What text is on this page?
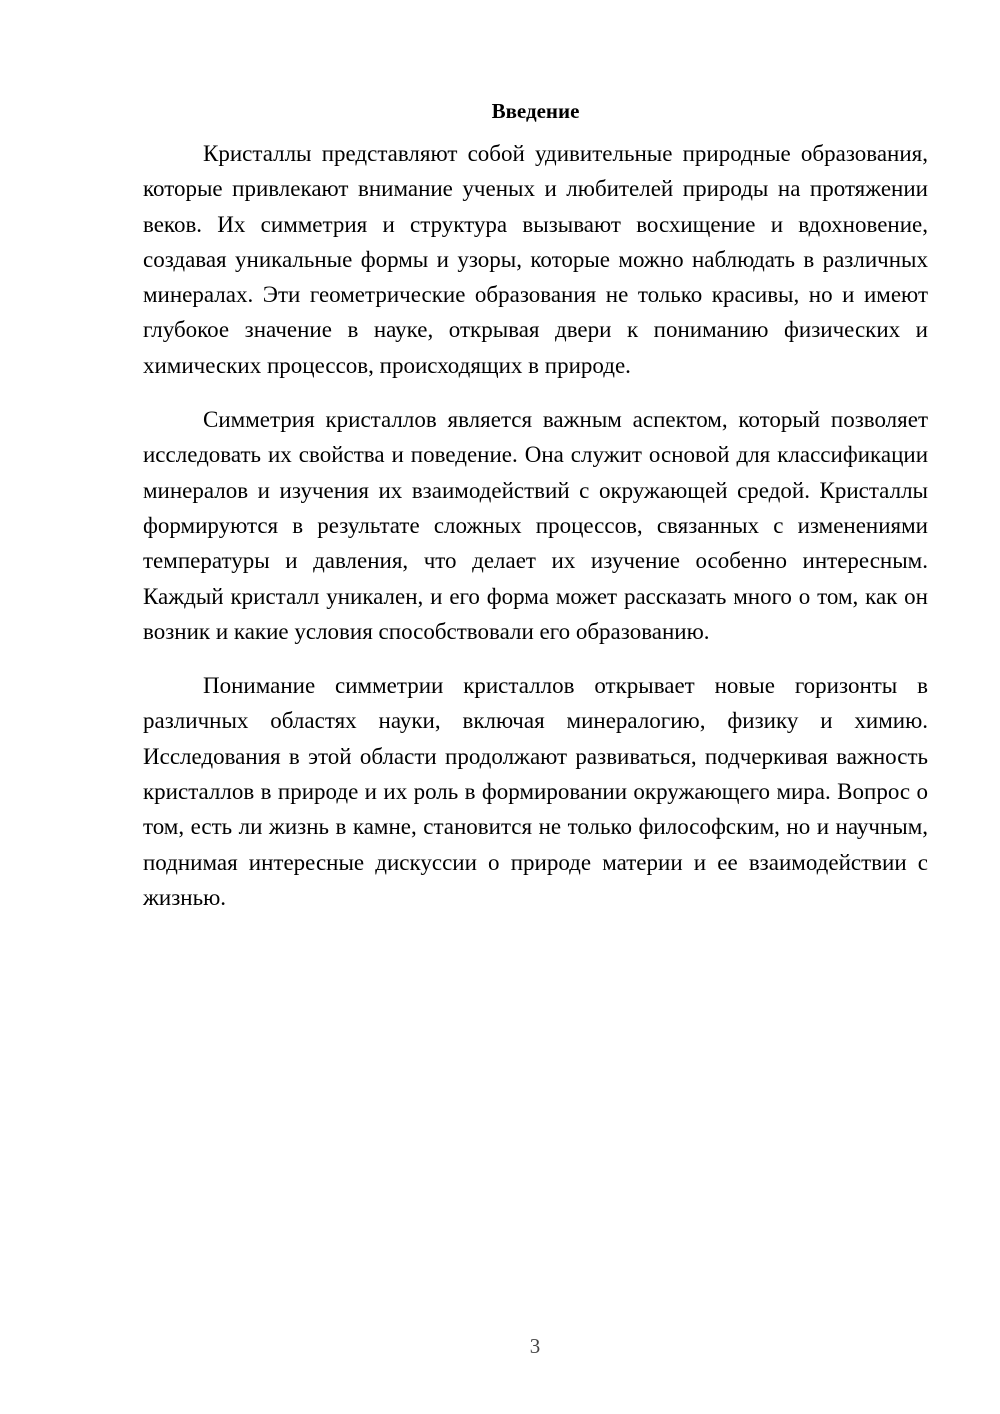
Введение

Кристаллы представляют собой удивительные природные образования, которые привлекают внимание ученых и любителей природы на протяжении веков. Их симметрия и структура вызывают восхищение и вдохновение, создавая уникальные формы и узоры, которые можно наблюдать в различных минералах. Эти геометрические образования не только красивы, но и имеют глубокое значение в науке, открывая двери к пониманию физических и химических процессов, происходящих в природе.

Симметрия кристаллов является важным аспектом, который позволяет исследовать их свойства и поведение. Она служит основой для классификации минералов и изучения их взаимодействий с окружающей средой. Кристаллы формируются в результате сложных процессов, связанных с изменениями температуры и давления, что делает их изучение особенно интересным. Каждый кристалл уникален, и его форма может рассказать много о том, как он возник и какие условия способствовали его образованию.

Понимание симметрии кристаллов открывает новые горизонты в различных областях науки, включая минералогию, физику и химию. Исследования в этой области продолжают развиваться, подчеркивая важность кристаллов в природе и их роль в формировании окружающего мира. Вопрос о том, есть ли жизнь в камне, становится не только философским, но и научным, поднимая интересные дискуссии о природе материи и ее взаимодействии с жизнью.

3
